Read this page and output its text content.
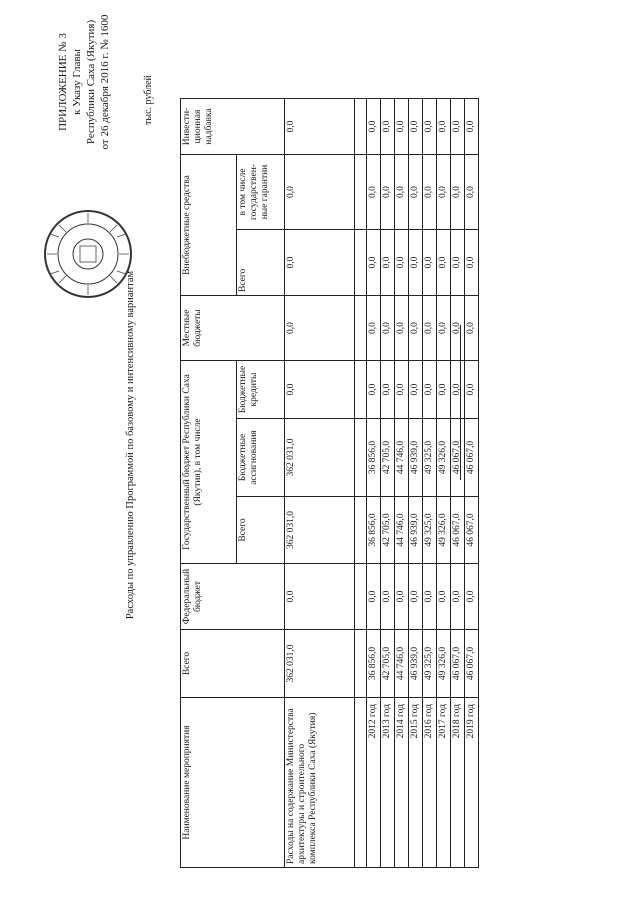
ПРИЛОЖЕНИЕ № 3 к Указу Главы Республики Саха (Якутия) от 26 декабря 2016 г. № 1600
Расходы по управлению Программой по базовому и интенсивному вариантам
тыс. рублей
Наименование мероприятия	Всего	Федеральный бюджет	Государственный бюджет Республики Саха (Якутия), в том числе			Местные бюджеты	Внебюджетные средства		Инвести-ционная надбавка
			Всего	Бюджетные ассигнования	Бюджетные кредиты		Всего	в том числе государствен-ные гарантии	
Расходы на содержание Министерства архитектуры и строительного комплекса Республики Саха (Якутия)	362 031,0	0,0	362 031,0	362 031,0	0,0	0,0	0,0	0,0	0,0

2012 год	36 856,0	0,0	36 856,0	36 856,0	0,0	0,0	0,0	0,0	0,0
2013 год	42 705,0	0,0	42 705,0	42 705,0	0,0	0,0	0,0	0,0	0,0
2014 год	44 746,0	0,0	44 746,0	44 746,0	0,0	0,0	0,0	0,0	0,0
2015 год	46 939,0	0,0	46 939,0	46 939,0	0,0	0,0	0,0	0,0	0,0
2016 год	49 325,0	0,0	49 325,0	49 325,0	0,0	0,0	0,0	0,0	0,0
2017 год	49 326,0	0,0	49 326,0	49 326,0	0,0	0,0	0,0	0,0	0,0
2018 год	46 067,0	0,0	46 067,0	46 067,0	0,0	0,0	0,0	0,0	0,0
2019 год	46 067,0	0,0	46 067,0	46 067,0	0,0	0,0	0,0	0,0	0,0
